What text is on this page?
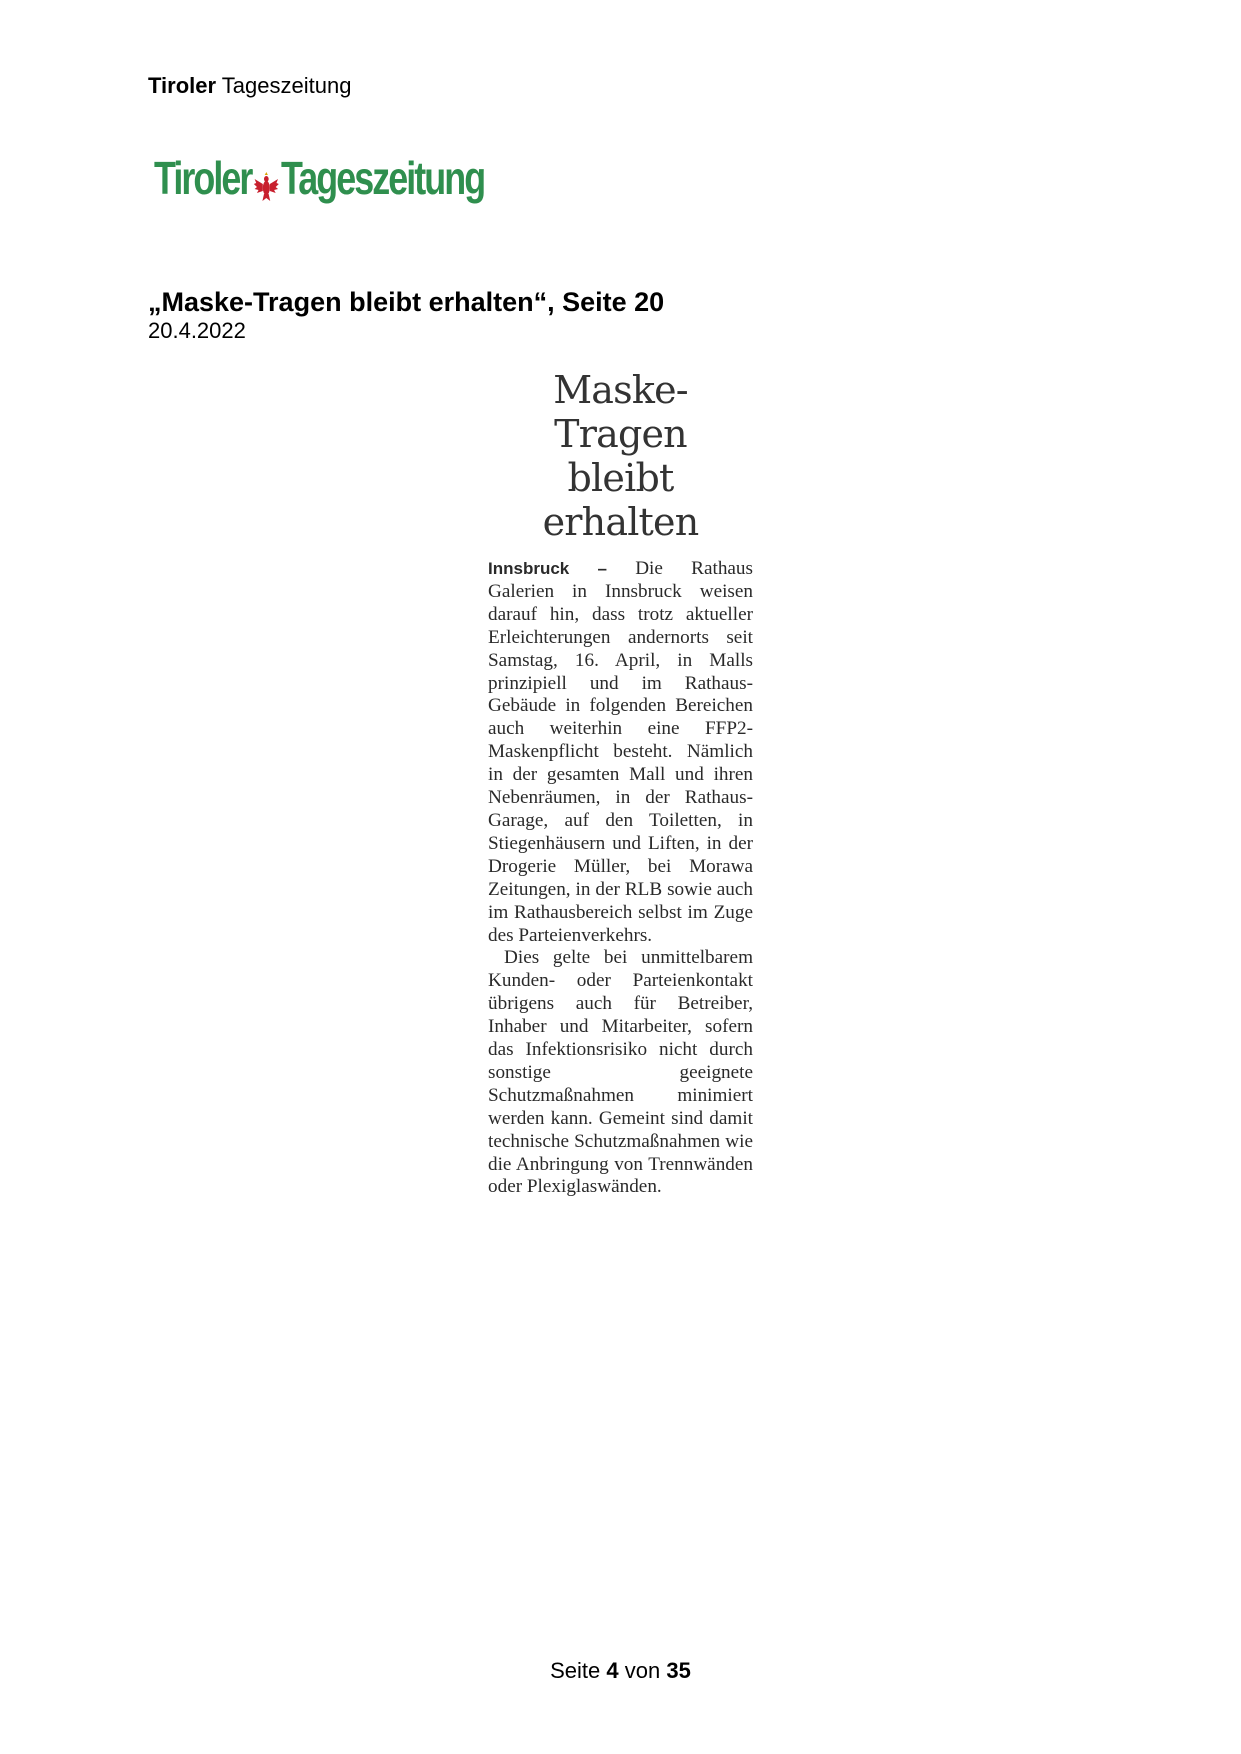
Tiroler Tageszeitung
Tiroler Tageszeitung
„Maske-Tragen bleibt erhalten“, Seite 20
20.4.2022
Maske-Tragen
bleibt erhalten

Innsbruck – Die Rathaus Galerien in Innsbruck weisen darauf hin, dass trotz aktueller Erleichterungen andernorts seit Samstag, 16. April, in Malls prinzipiell und im Rathaus-Gebäude in folgenden Bereichen auch weiterhin eine FFP2-Maskenpflicht besteht. Nämlich in der gesamten Mall und ihren Nebenräumen, in der Rathaus-Garage, auf den Toiletten, in Stiegenhäusern und Liften, in der Drogerie Müller, bei Morawa Zeitungen, in der RLB sowie auch im Rathausbereich selbst im Zuge des Parteienverkehrs.

Dies gelte bei unmittelbarem Kunden- oder Parteienkontakt übrigens auch für Betreiber, Inhaber und Mitarbeiter, sofern das Infektionsrisiko nicht durch sonstige geeignete Schutzmaßnahmen minimiert werden kann. Gemeint sind damit technische Schutzmaßnahmen wie die Anbringung von Trennwänden oder Plexiglaswänden.

Seite 4 von 35
